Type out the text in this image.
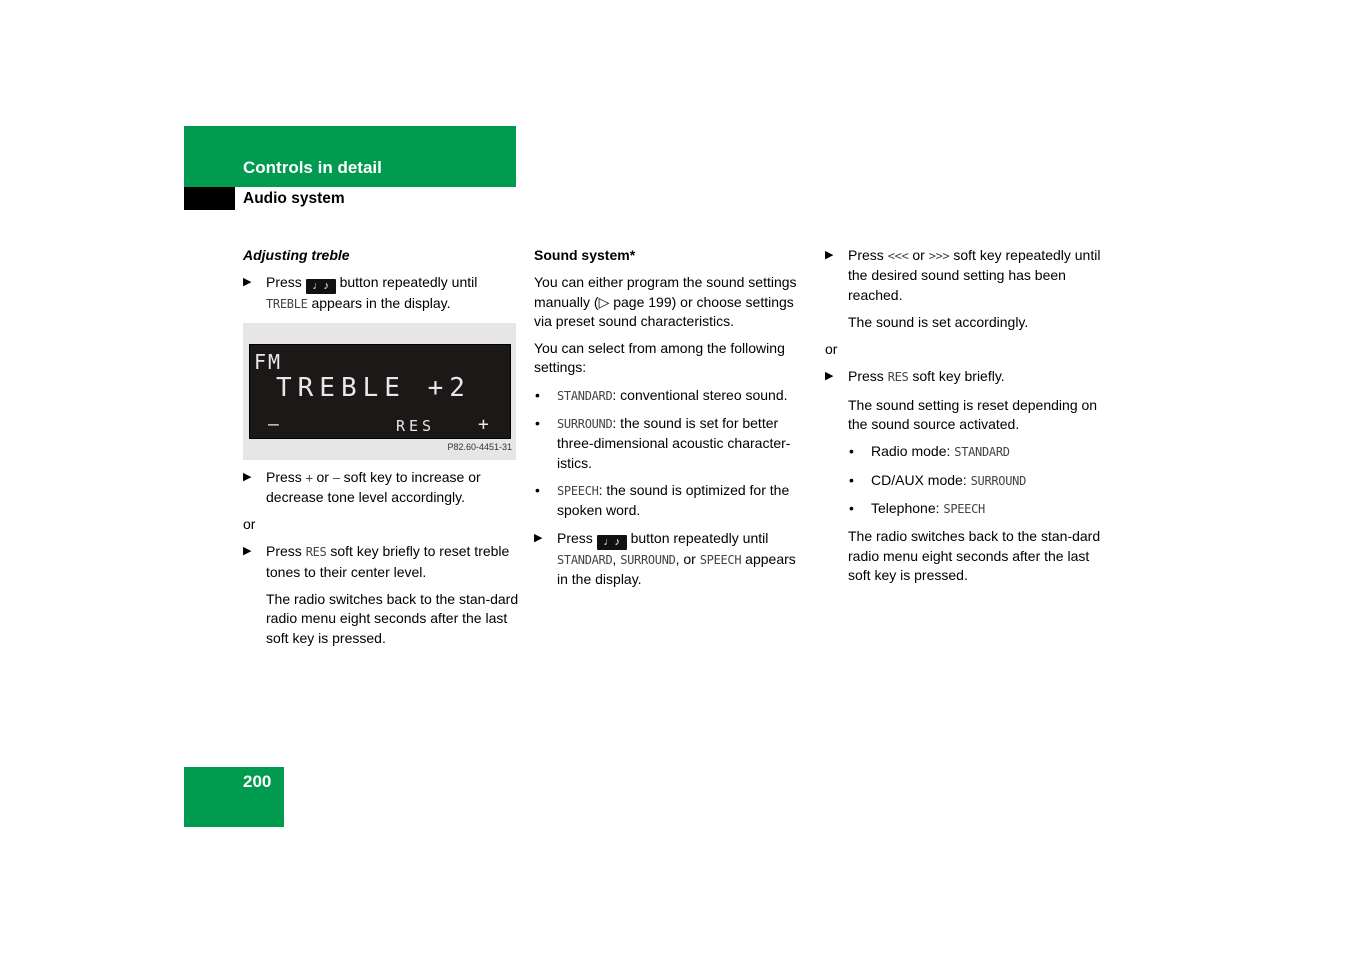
Controls in detail
Audio system

Adjusting treble

▶ Press ♩♪ button repeatedly until
TREBLE appears in the display.

FM
TREBLE +2
–	RES +
P82.60-4451-31

▶ Press + or – soft key to increase or decrease tone level accordingly.

or

▶ Press RES soft key briefly to reset treble tones to their center level.

The radio switches back to the stan-dard radio menu eight seconds after the last soft key is pressed.

Sound system*

You can either program the sound settings manually (▷ page 199) or choose settings via preset sound characteristics.

You can select from among the following settings:

• STANDARD: conventional stereo sound.

• SURROUND: the sound is set for better three-dimensional acoustic character-istics.

• SPEECH: the sound is optimized for the spoken word.

▶ Press ♩♪ button repeatedly until
STANDARD, SURROUND, or SPEECH appears in the display.

▶ Press <<< or >>> soft key repeatedly until the desired sound setting has been reached.

The sound is set accordingly.

or

▶ Press RES soft key briefly.

The sound setting is reset depending on the sound source activated.

• Radio mode: STANDARD

• CD/AUX mode: SURROUND

• Telephone: SPEECH

The radio switches back to the stan-dard radio menu eight seconds after the last soft key is pressed.

200
